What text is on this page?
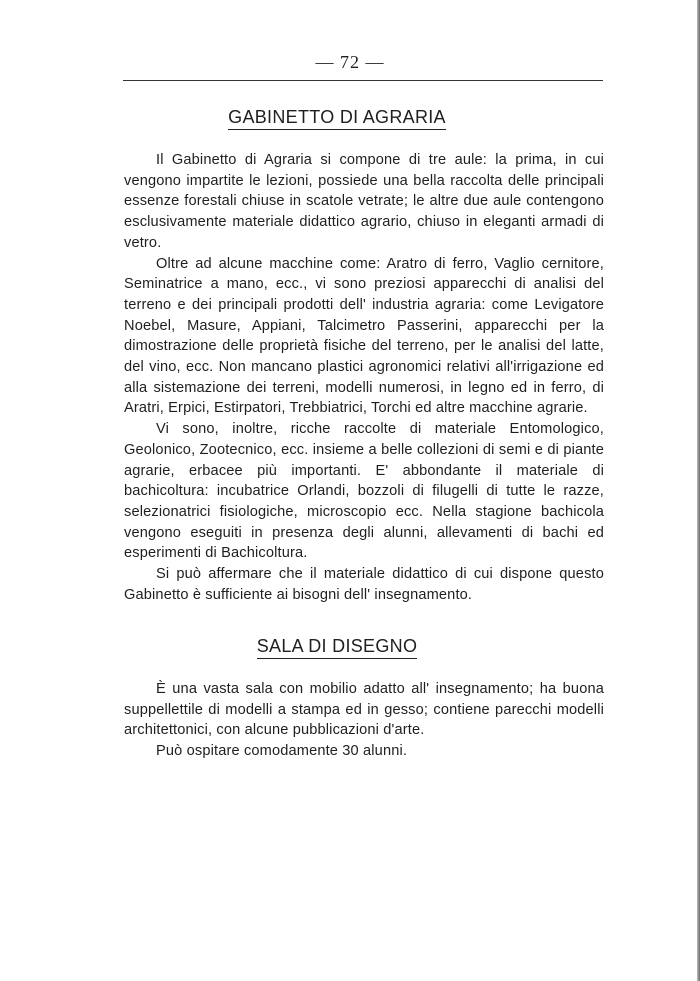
— 72 —
GABINETTO DI AGRARIA

Il Gabinetto di Agraria si compone di tre aule: la prima, in cui vengono impartite le lezioni, possiede una bella raccolta delle principali essenze forestali chiuse in scatole vetrate; le altre due aule contengono esclusivamente materiale didattico agrario, chiuso in eleganti armadi di vetro.

Oltre ad alcune macchine come: Aratro di ferro, Vaglio cernitore, Seminatrice a mano, ecc., vi sono preziosi apparecchi di analisi del terreno e dei principali prodotti dell' industria agraria: come Levigatore Noebel, Masure, Appiani, Talcimetro Passerini, apparecchi per la dimostrazione delle proprietà fisiche del terreno, per le analisi del latte, del vino, ecc. Non mancano plastici agronomici relativi all'irrigazione ed alla sistemazione dei terreni, modelli numerosi, in legno ed in ferro, di Aratri, Erpici, Estirpatori, Trebbiatrici, Torchi ed altre macchine agrarie.

Vi sono, inoltre, ricche raccolte di materiale Entomologico, Geolonico, Zootecnico, ecc. insieme a belle collezioni di semi e di piante agrarie, erbacee più importanti. E' abbondante il materiale di bachicoltura: incubatrice Orlandi, bozzoli di filugelli di tutte le razze, selezionatrici fisiologiche, microscopio ecc. Nella stagione bachicola vengono eseguiti in presenza degli alunni, allevamenti di bachi ed esperimenti di Bachicoltura.

Si può affermare che il materiale didattico di cui dispone questo Gabinetto è sufficiente ai bisogni dell' insegnamento.

SALA DI DISEGNO

È una vasta sala con mobilio adatto all' insegnamento; ha buona suppellettile di modelli a stampa ed in gesso; contiene parecchi modelli architettonici, con alcune pubblicazioni d'arte.

Può ospitare comodamente 30 alunni.
